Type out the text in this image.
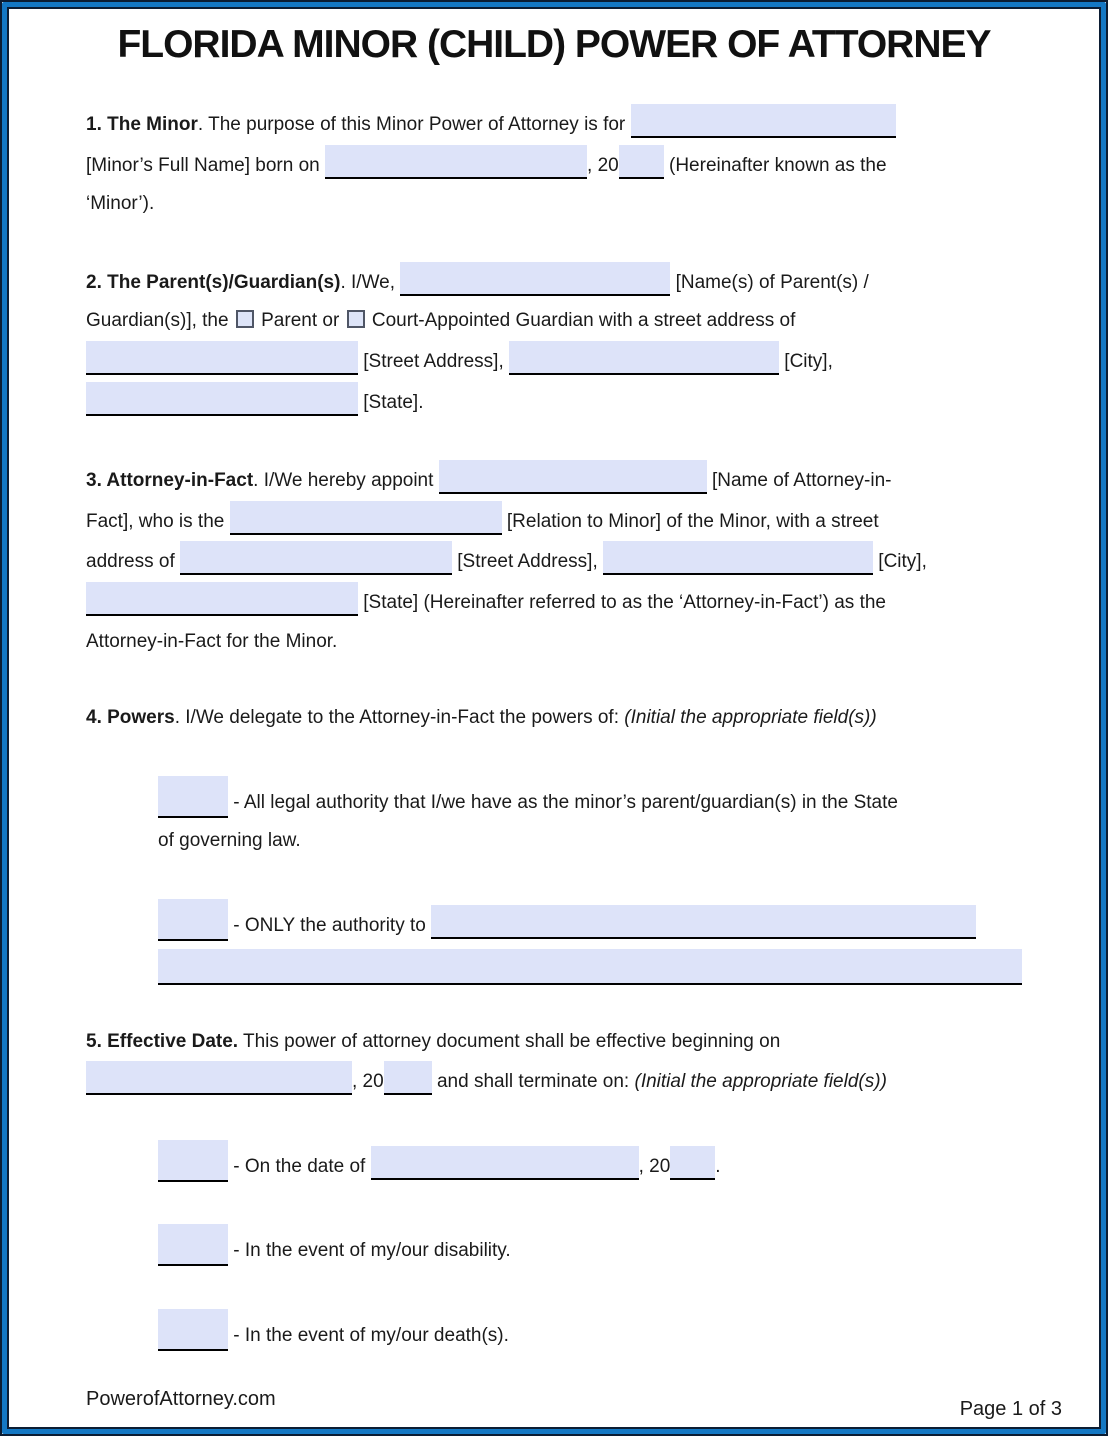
FLORIDA MINOR (CHILD) POWER OF ATTORNEY
1. The Minor. The purpose of this Minor Power of Attorney is for
[Minor’s Full Name] born on	, 20 (Hereinafter known as the
‘Minor’).
2. The Parent(s)/Guardian(s). I/We,	[Name(s) of Parent(s) /
Guardian(s)], the  Parent or  Court-Appointed Guardian with a street address of
[Street Address],	[City],
[State].
3. Attorney-in-Fact. I/We hereby appoint	[Name of Attorney-in-
Fact], who is the	[Relation to Minor] of the Minor, with a street
address of	[Street Address],	[City],
[State] (Hereinafter referred to as the ‘Attorney-in-Fact’) as the
Attorney-in-Fact for the Minor.
4. Powers. I/We delegate to the Attorney-in-Fact the powers of: (Initial the appropriate field(s))
- All legal authority that I/we have as the minor’s parent/guardian(s) in the State
of governing law.
- ONLY the authority to
5. Effective Date. This power of attorney document shall be effective beginning on
, 20	and shall terminate on: (Initial the appropriate field(s))
- On the date of	, 20 .
- In the event of my/our disability.
- In the event of my/our death(s).
PowerofAttorney.com	Page 1 of 3
